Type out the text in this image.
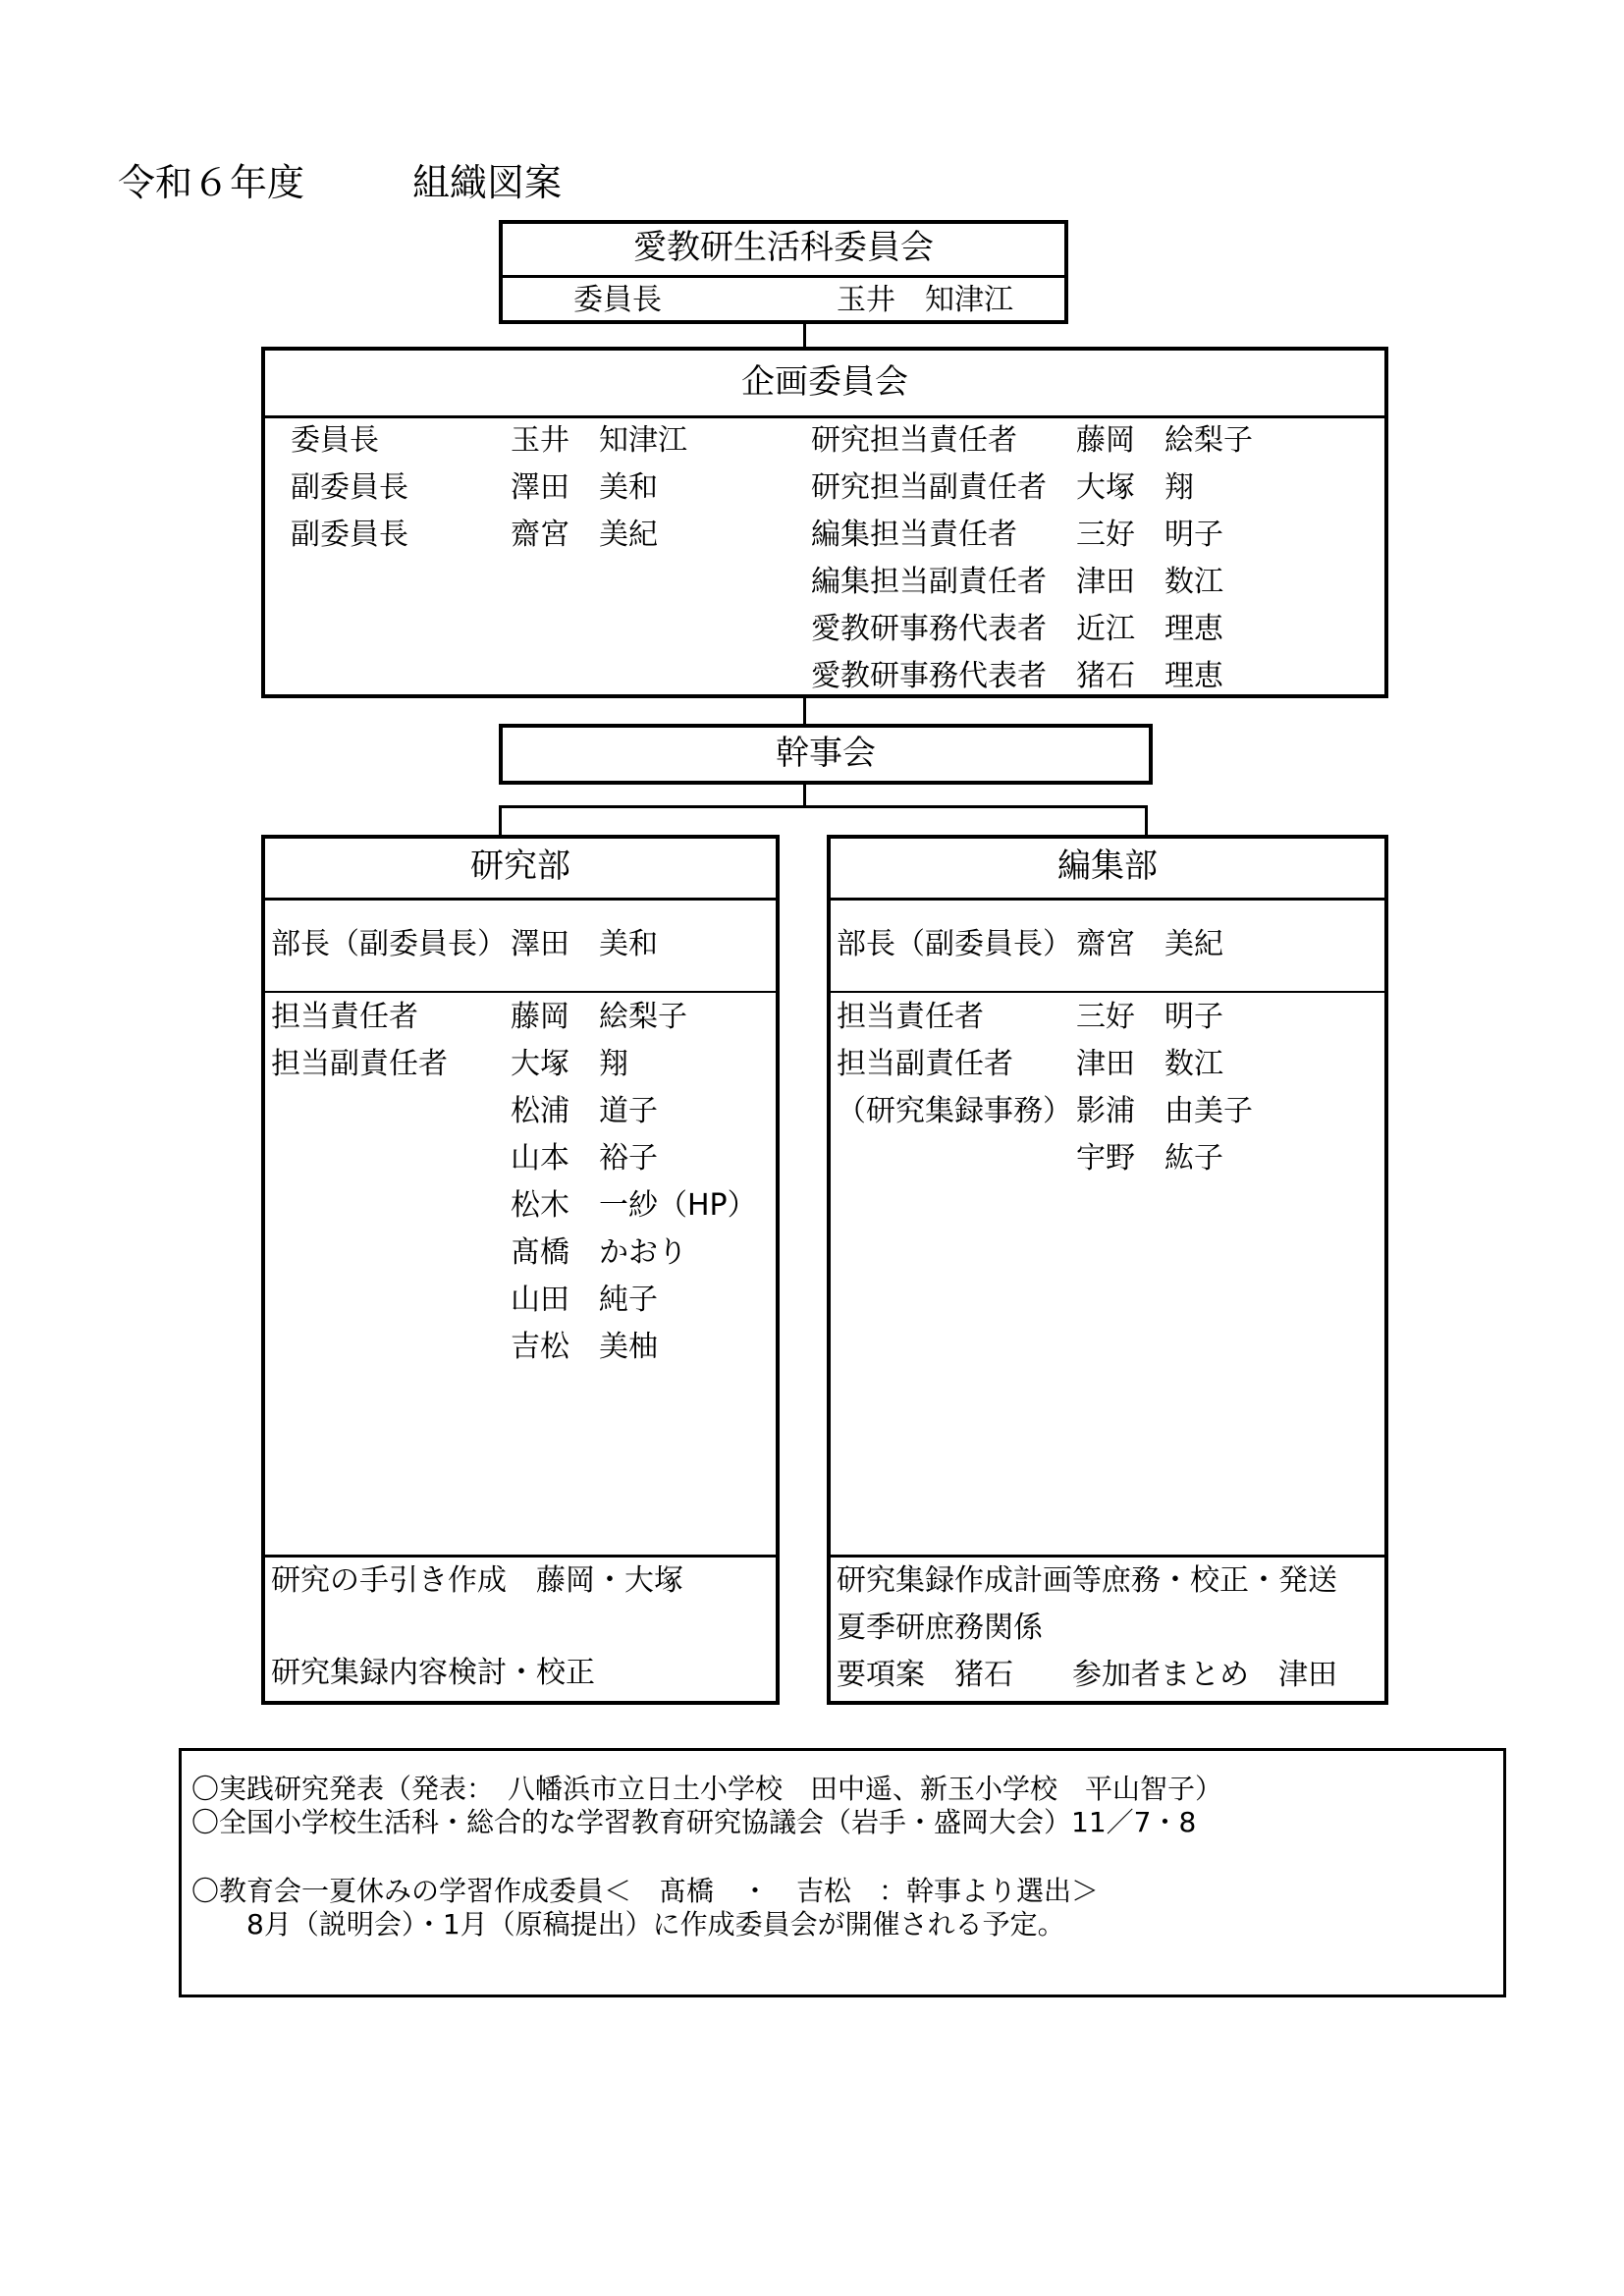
令和６年度	組織図案
愛教研生活科委員会
委員長	玉井　知津江
企画委員会
委員長	玉井　知津江
副委員長	澤田　美和
副委員長	齋宮　美紀
研究担当責任者 藤岡　絵梨子
研究担当副責任者 大塚　翔
編集担当責任者 三好　明子
編集担当副責任者 津田　数江
愛教研事務代表者 近江　理恵
愛教研事務代表者 猪石　理恵
幹事会
研究部
部長（副委員長） 澤田　美和
担当責任者	藤岡　絵梨子
担当副責任者 大塚　翔
松浦　道子
山本　裕子
松木　一紗（HP）
髙橋　かおり
山田　純子
吉松　美柚
研究の手引き作成　藤岡・大塚
研究集録内容検討・校正
編集部
部長（副委員長） 齋宮　美紀
担当責任者	三好　明子
担当副責任者 津田　数江
（研究集録事務） 影浦　由美子
宇野　紘子
研究集録作成計画等庶務・校正・発送
夏季研庶務関係
要項案　猪石　　参加者まとめ　津田
〇実践研究発表（発表：　八幡浜市立日土小学校　田中遥、新玉小学校　平山智子）
〇全国小学校生活科・総合的な学習教育研究協議会（岩手・盛岡大会）11／7・8
〇教育会一夏休みの学習作成委員＜　髙橋　・　吉松　：幹事より選出＞
　　8月（説明会）・1月（原稿提出）に作成委員会が開催される予定。
